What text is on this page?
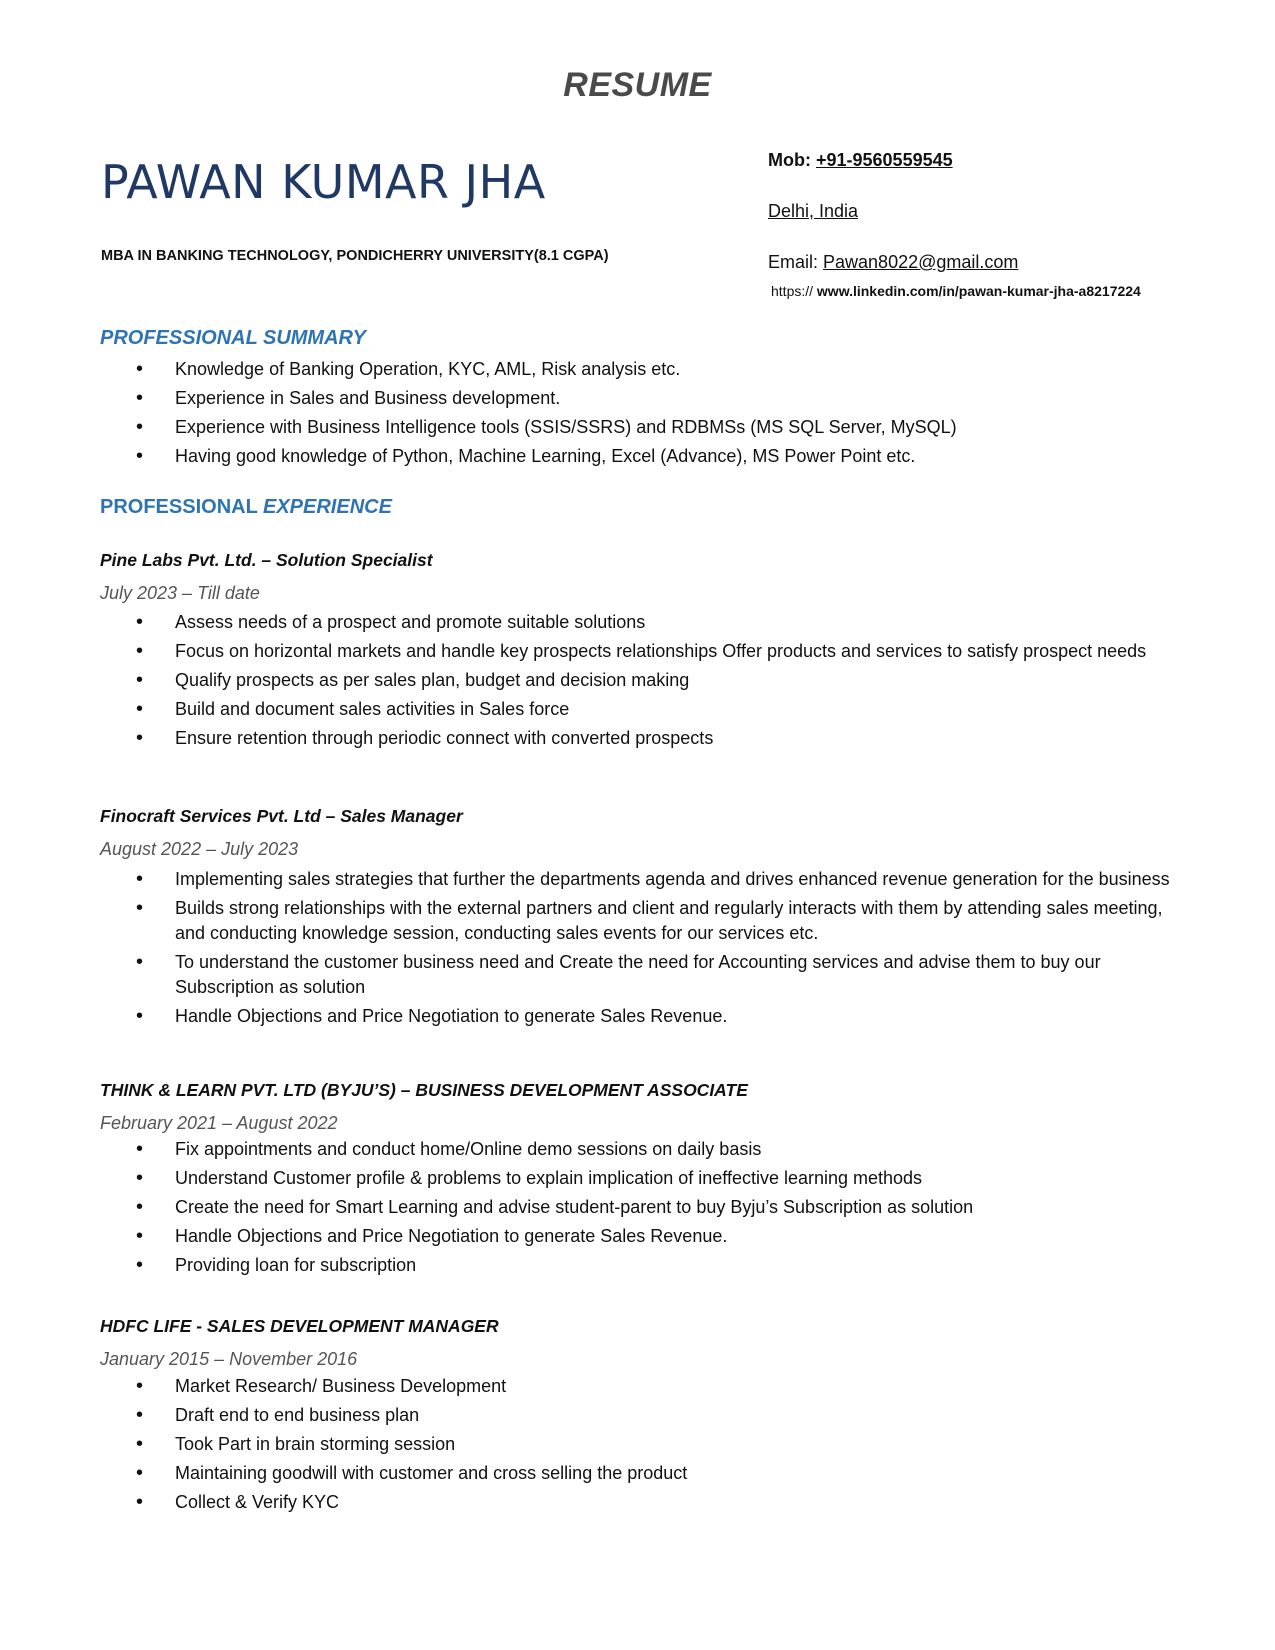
RESUME
PAWAN KUMAR JHA
MBA IN BANKING TECHNOLOGY, PONDICHERRY UNIVERSITY(8.1 CGPA)
Mob: +91-9560559545
Delhi, India
Email: Pawan8022@gmail.com
https:// www.linkedin.com/in/pawan-kumar-jha-a8217224
PROFESSIONAL SUMMARY
• Knowledge of Banking Operation, KYC, AML, Risk analysis etc.
• Experience in Sales and Business development.
• Experience with Business Intelligence tools (SSIS/SSRS) and RDBMSs (MS SQL Server, MySQL)
• Having good knowledge of Python, Machine Learning, Excel (Advance), MS Power Point etc.
PROFESSIONAL EXPERIENCE
Pine Labs Pvt. Ltd. – Solution Specialist
July 2023 – Till date
• Assess needs of a prospect and promote suitable solutions
• Focus on horizontal markets and handle key prospects relationships Offer products and services to satisfy prospect needs
• Qualify prospects as per sales plan, budget and decision making
• Build and document sales activities in Sales force
• Ensure retention through periodic connect with converted prospects
Finocraft Services Pvt. Ltd – Sales Manager
August 2022 – July 2023
• Implementing sales strategies that further the departments agenda and drives enhanced revenue generation for the business
• Builds strong relationships with the external partners and client and regularly interacts with them by attending sales meeting, and conducting knowledge session, conducting sales events for our services etc.
• To understand the customer business need and Create the need for Accounting services and advise them to buy our Subscription as solution
• Handle Objections and Price Negotiation to generate Sales Revenue.
THINK & LEARN PVT. LTD (BYJU’S) – BUSINESS DEVELOPMENT ASSOCIATE
February 2021 – August 2022
• Fix appointments and conduct home/Online demo sessions on daily basis
• Understand Customer profile & problems to explain implication of ineffective learning methods
• Create the need for Smart Learning and advise student-parent to buy Byju’s Subscription as solution
• Handle Objections and Price Negotiation to generate Sales Revenue.
• Providing loan for subscription
HDFC LIFE - SALES DEVELOPMENT MANAGER
January 2015 – November 2016
• Market Research/ Business Development
• Draft end to end business plan
• Took Part in brain storming session
• Maintaining goodwill with customer and cross selling the product
• Collect & Verify KYC
